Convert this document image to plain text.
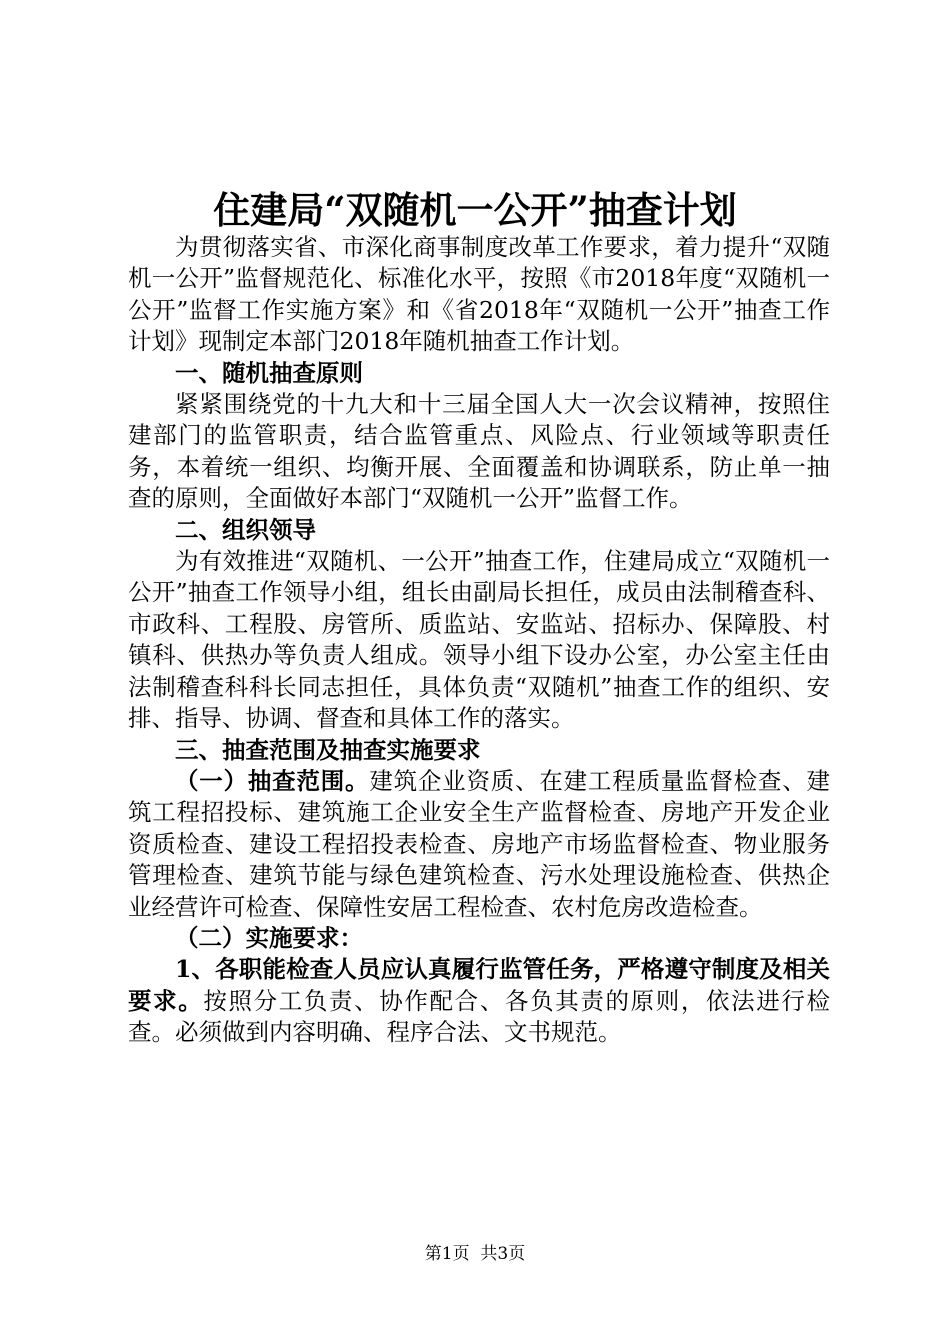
住建局“双随机一公开”抽查计划

为贯彻落实省、市深化商事制度改革工作要求，着力提升“双随机一公开”监督规范化、标准化水平，按照《市2018年度“双随机一公开”监督工作实施方案》和《省2018年“双随机一公开”抽查工作计划》现制定本部门2018年随机抽查工作计划。

一、随机抽查原则

紧紧围绕党的十九大和十三届全国人大一次会议精神，按照住建部门的监管职责，结合监管重点、风险点、行业领域等职责任务，本着统一组织、均衡开展、全面覆盖和协调联系，防止单一抽查的原则，全面做好本部门“双随机一公开”监督工作。

二、组织领导

为有效推进“双随机、一公开”抽查工作，住建局成立“双随机一公开”抽查工作领导小组，组长由副局长担任，成员由法制稽查科、市政科、工程股、房管所、质监站、安监站、招标办、保障股、村镇科、供热办等负责人组成。领导小组下设办公室，办公室主任由法制稽查科科长同志担任，具体负责“双随机”抽查工作的组织、安排、指导、协调、督查和具体工作的落实。

三、抽查范围及抽查实施要求

（一）抽查范围。建筑企业资质、在建工程质量监督检查、建筑工程招投标、建筑施工企业安全生产监督检查、房地产开发企业资质检查、建设工程招投表检查、房地产市场监督检查、物业服务管理检查、建筑节能与绿色建筑检查、污水处理设施检查、供热企业经营许可检查、保障性安居工程检查、农村危房改造检查。

（二）实施要求：

1、各职能检查人员应认真履行监管任务，严格遵守制度及相关要求。按照分工负责、协作配合、各负其责的原则，依法进行检查。必须做到内容明确、程序合法、文书规范。

第1页 共3页
